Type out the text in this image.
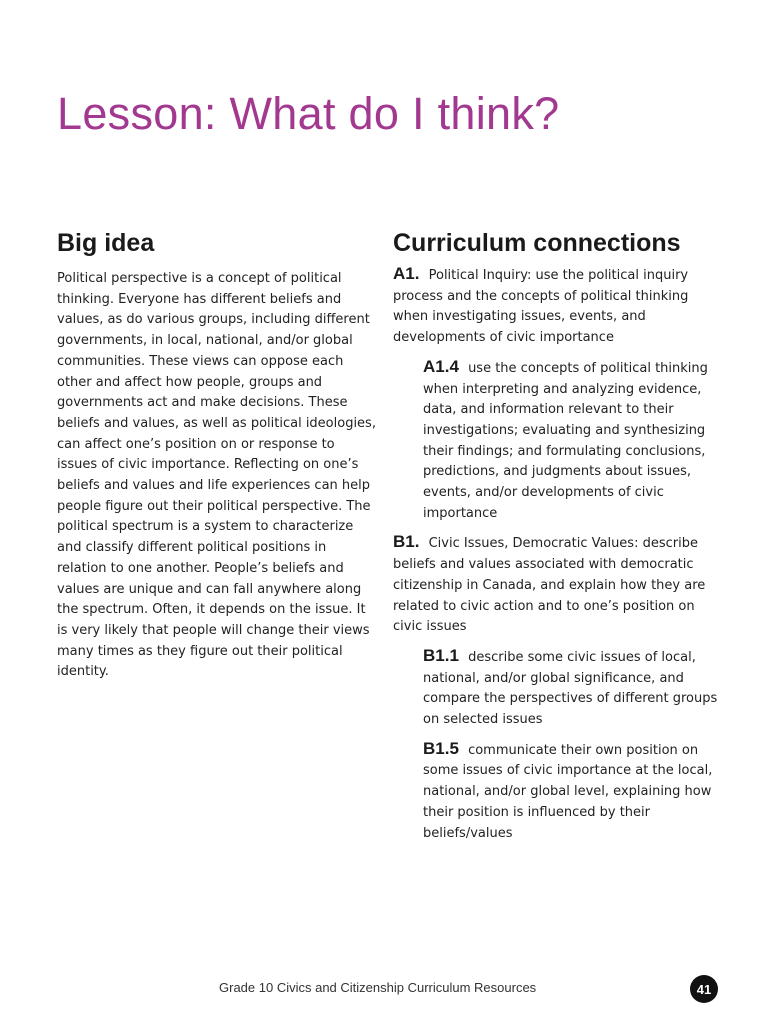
Lesson: What do I think?
Big idea

Political perspective is a concept of political thinking. Everyone has different beliefs and values, as do various groups, including different governments, in local, national, and/or global communities. These views can oppose each other and affect how people, groups and governments act and make decisions. These beliefs and values, as well as political ideologies, can affect one’s position on or response to issues of civic importance. Reflecting on one’s beliefs and values and life experiences can help people figure out their political perspective. The political spectrum is a system to characterize and classify different political positions in relation to one another. People’s beliefs and values are unique and can fall anywhere along the spectrum. Often, it depends on the issue. It is very likely that people will change their views many times as they figure out their political identity.

Curriculum connections

A1. Political Inquiry: use the political inquiry process and the concepts of political thinking when investigating issues, events, and developments of civic importance

A1.4 use the concepts of political thinking when interpreting and analyzing evidence, data, and information relevant to their investigations; evaluating and synthesizing their findings; and formulating conclusions, predictions, and judgments about issues, events, and/or developments of civic importance

B1. Civic Issues, Democratic Values: describe beliefs and values associated with democratic citizenship in Canada, and explain how they are related to civic action and to one’s position on civic issues

B1.1 describe some civic issues of local, national, and/or global significance, and compare the perspectives of different groups on selected issues

B1.5 communicate their own position on some issues of civic importance at the local, national, and/or global level, explaining how their position is influenced by their beliefs/values

Grade 10 Civics and Citizenship Curriculum Resources	41
